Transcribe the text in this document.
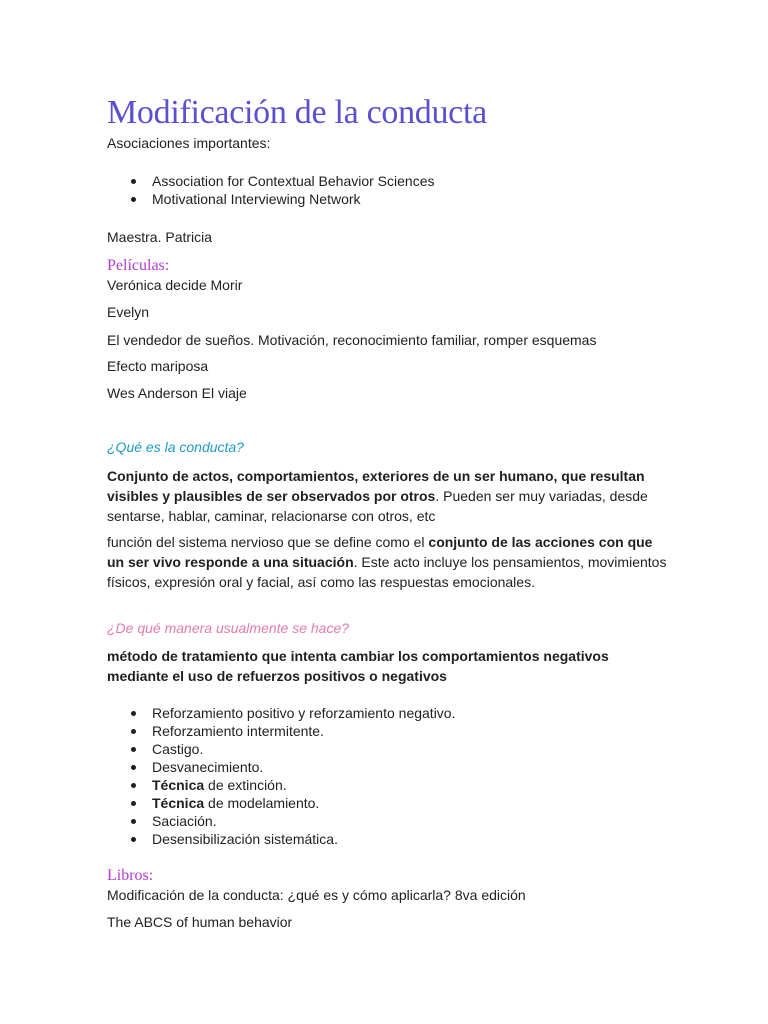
Modificación de la conducta
Asociaciones importantes:
Association for Contextual Behavior Sciences
Motivational Interviewing Network
Maestra. Patricia
Películas:
Verónica decide Morir
Evelyn
El vendedor de sueños. Motivación, reconocimiento familiar, romper esquemas
Efecto mariposa
Wes Anderson El viaje
¿Qué es la conducta?
Conjunto de actos, comportamientos, exteriores de un ser humano, que resultan visibles y plausibles de ser observados por otros. Pueden ser muy variadas, desde sentarse, hablar, caminar, relacionarse con otros, etc
función del sistema nervioso que se define como el conjunto de las acciones con que un ser vivo responde a una situación. Este acto incluye los pensamientos, movimientos físicos, expresión oral y facial, así como las respuestas emocionales.
¿De qué manera usualmente se hace?
método de tratamiento que intenta cambiar los comportamientos negativos mediante el uso de refuerzos positivos o negativos
Reforzamiento positivo y reforzamiento negativo.
Reforzamiento intermitente.
Castigo.
Desvanecimiento.
Técnica de extinción.
Técnica de modelamiento.
Saciación.
Desensibilización sistemática.
Libros:
Modificación de la conducta: ¿qué es y cómo aplicarla? 8va edición
The ABCS of human behavior
